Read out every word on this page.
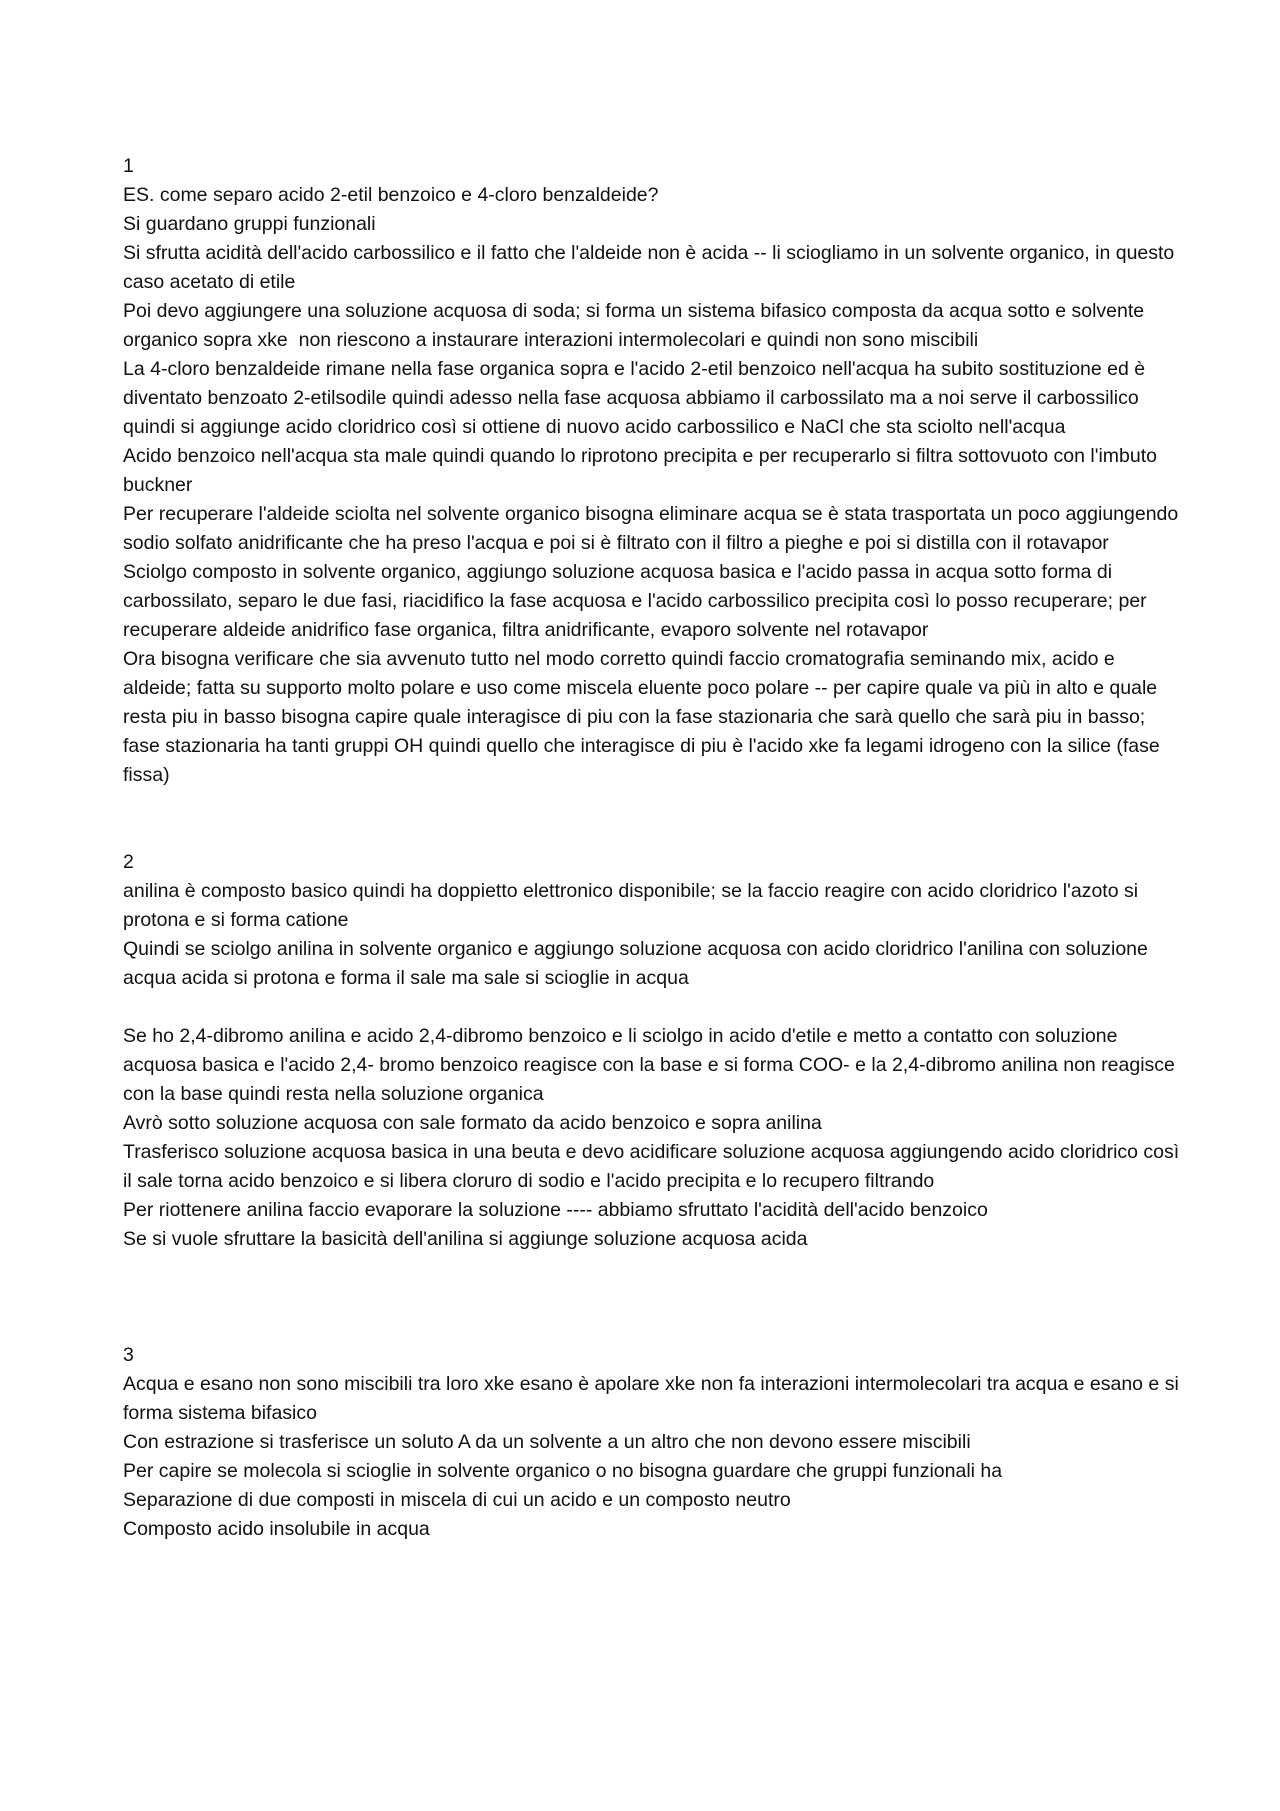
1

ES. come separo acido 2-etil benzoico e 4-cloro benzaldeide?

Si guardano gruppi funzionali

Si sfrutta acidità dell'acido carbossilico e il fatto che l'aldeide non è acida -- li sciogliamo in un solvente organico, in questo caso acetato di etile

Poi devo aggiungere una soluzione acquosa di soda; si forma un sistema bifasico composta da acqua sotto e solvente organico sopra xke  non riescono a instaurare interazioni intermolecolari e quindi non sono miscibili

La 4-cloro benzaldeide rimane nella fase organica sopra e l'acido 2-etil benzoico nell'acqua ha subito sostituzione ed è diventato benzoato 2-etilsodile quindi adesso nella fase acquosa abbiamo il carbossilato ma a noi serve il carbossilico quindi si aggiunge acido cloridrico così si ottiene di nuovo acido carbossilico e NaCl che sta sciolto nell'acqua

Acido benzoico nell'acqua sta male quindi quando lo riprotono precipita e per recuperarlo si filtra sottovuoto con l'imbuto buckner

Per recuperare l'aldeide sciolta nel solvente organico bisogna eliminare acqua se è stata trasportata un poco aggiungendo sodio solfato anidrificante che ha preso l'acqua e poi si è filtrato con il filtro a pieghe e poi si distilla con il rotavapor

Sciolgo composto in solvente organico, aggiungo soluzione acquosa basica e l'acido passa in acqua sotto forma di carbossilato, separo le due fasi, riacidifico la fase acquosa e l'acido carbossilico precipita così lo posso recuperare; per recuperare aldeide anidrifico fase organica, filtra anidrificante, evaporo solvente nel rotavapor

Ora bisogna verificare che sia avvenuto tutto nel modo corretto quindi faccio cromatografia seminando mix, acido e aldeide; fatta su supporto molto polare e uso come miscela eluente poco polare -- per capire quale va più in alto e quale resta piu in basso bisogna capire quale interagisce di piu con la fase stazionaria che sarà quello che sarà piu in basso; fase stazionaria ha tanti gruppi OH quindi quello che interagisce di piu è l'acido xke fa legami idrogeno con la silice (fase fissa)

2

anilina è composto basico quindi ha doppietto elettronico disponibile; se la faccio reagire con acido cloridrico l'azoto si protona e si forma catione

Quindi se sciolgo anilina in solvente organico e aggiungo soluzione acquosa con acido cloridrico l'anilina con soluzione acqua acida si protona e forma il sale ma sale si scioglie in acqua

Se ho 2,4-dibromo anilina e acido 2,4-dibromo benzoico e li sciolgo in acido d'etile e metto a contatto con soluzione acquosa basica e l'acido 2,4- bromo benzoico reagisce con la base e si forma COO- e la 2,4-dibromo anilina non reagisce con la base quindi resta nella soluzione organica

Avrò sotto soluzione acquosa con sale formato da acido benzoico e sopra anilina

Trasferisco soluzione acquosa basica in una beuta e devo acidificare soluzione acquosa aggiungendo acido cloridrico così il sale torna acido benzoico e si libera cloruro di sodio e l'acido precipita e lo recupero filtrando

Per riottenere anilina faccio evaporare la soluzione ---- abbiamo sfruttato l'acidità dell'acido benzoico

Se si vuole sfruttare la basicità dell'anilina si aggiunge soluzione acquosa acida

3

Acqua e esano non sono miscibili tra loro xke esano è apolare xke non fa interazioni intermolecolari tra acqua e esano e si forma sistema bifasico

Con estrazione si trasferisce un soluto A da un solvente a un altro che non devono essere miscibili

Per capire se molecola si scioglie in solvente organico o no bisogna guardare che gruppi funzionali ha

Separazione di due composti in miscela di cui un acido e un composto neutro

Composto acido insolubile in acqua
